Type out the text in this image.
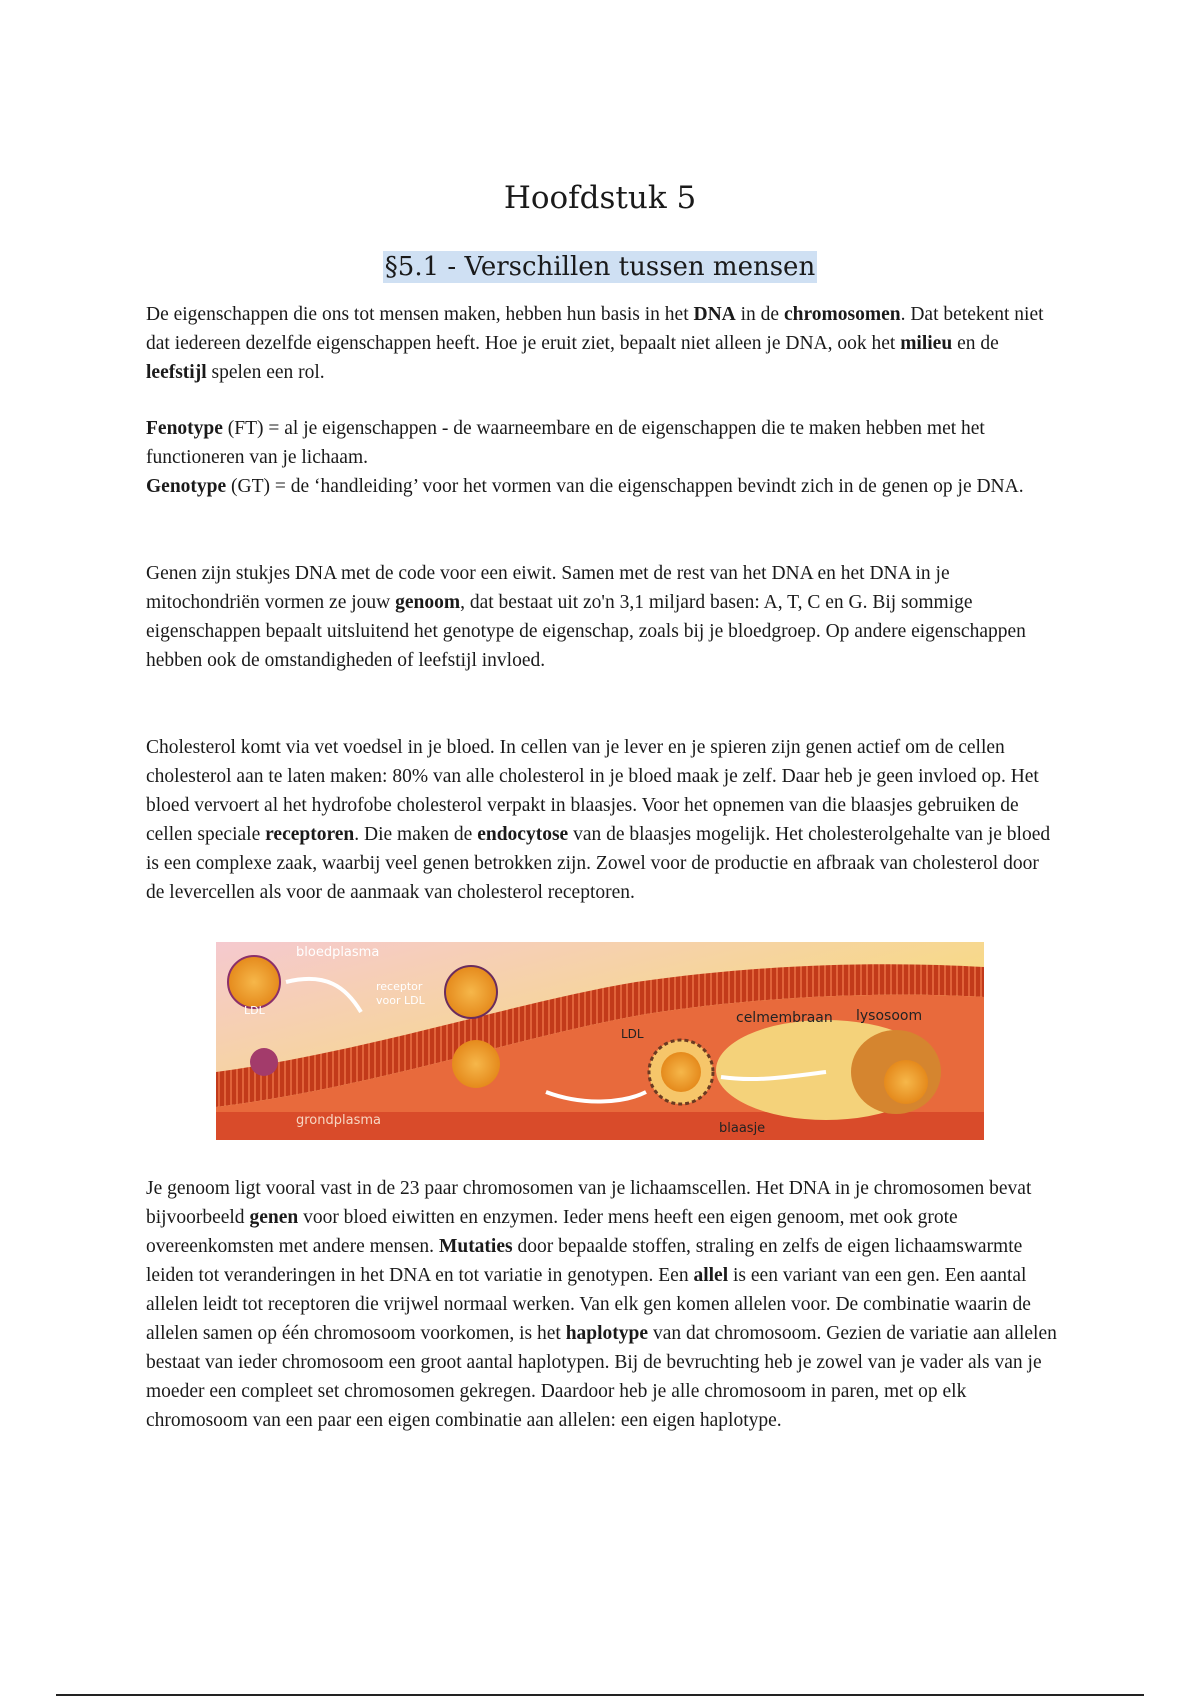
Hoofdstuk 5
§5.1 - Verschillen tussen mensen

De eigenschappen die ons tot mensen maken, hebben hun basis in het DNA in de chromosomen. Dat betekent niet dat iedereen dezelfde eigenschappen heeft. Hoe je eruit ziet, bepaalt niet alleen je DNA, ook het milieu en de leefstijl spelen een rol.

Fenotype (FT) = al je eigenschappen - de waarneembare en de eigenschappen die te maken hebben met het functioneren van je lichaam.
Genotype (GT) = de ‘handleiding’ voor het vormen van die eigenschappen bevindt zich in de genen op je DNA.

Genen zijn stukjes DNA met de code voor een eiwit. Samen met de rest van het DNA en het DNA in je mitochondriën vormen ze jouw genoom, dat bestaat uit zo'n 3,1 miljard basen: A, T, C en G. Bij sommige eigenschappen bepaalt uitsluitend het genotype de eigenschap, zoals bij je bloedgroep. Op andere eigenschappen hebben ook de omstandigheden of leefstijl invloed.

Cholesterol komt via vet voedsel in je bloed. In cellen van je lever en je spieren zijn genen actief om de cellen cholesterol aan te laten maken: 80% van alle cholesterol in je bloed maak je zelf. Daar heb je geen invloed op. Het bloed vervoert al het hydrofobe cholesterol verpakt in blaasjes. Voor het opnemen van die blaasjes gebruiken de cellen speciale receptoren. Die maken de endocytose van de blaasjes mogelijk. Het cholesterolgehalte van je bloed is een complexe zaak, waarbij veel genen betrokken zijn. Zowel voor de productie en afbraak van cholesterol door de levercellen als voor de aanmaak van cholesterol receptoren.

bloedplasma
receptor
voor LDL
LDL
LDL
celmembraan lysosoom
grondplasma
blaasje

Je genoom ligt vooral vast in de 23 paar chromosomen van je lichaamscellen. Het DNA in je chromosomen bevat bijvoorbeeld genen voor bloed eiwitten en enzymen. Ieder mens heeft een eigen genoom, met ook grote overeenkomsten met andere mensen. Mutaties door bepaalde stoffen, straling en zelfs de eigen lichaamswarmte leiden tot veranderingen in het DNA en tot variatie in genotypen. Een allel is een variant van een gen. Een aantal allelen leidt tot receptoren die vrijwel normaal werken. Van elk gen komen allelen voor. De combinatie waarin de allelen samen op één chromosoom voorkomen, is het haplotype van dat chromosoom. Gezien de variatie aan allelen bestaat van ieder chromosoom een groot aantal haplotypen. Bij de bevruchting heb je zowel van je vader als van je moeder een compleet set chromosomen gekregen. Daardoor heb je alle chromosoom in paren, met op elk chromosoom van een paar een eigen combinatie aan allelen: een eigen haplotype.
